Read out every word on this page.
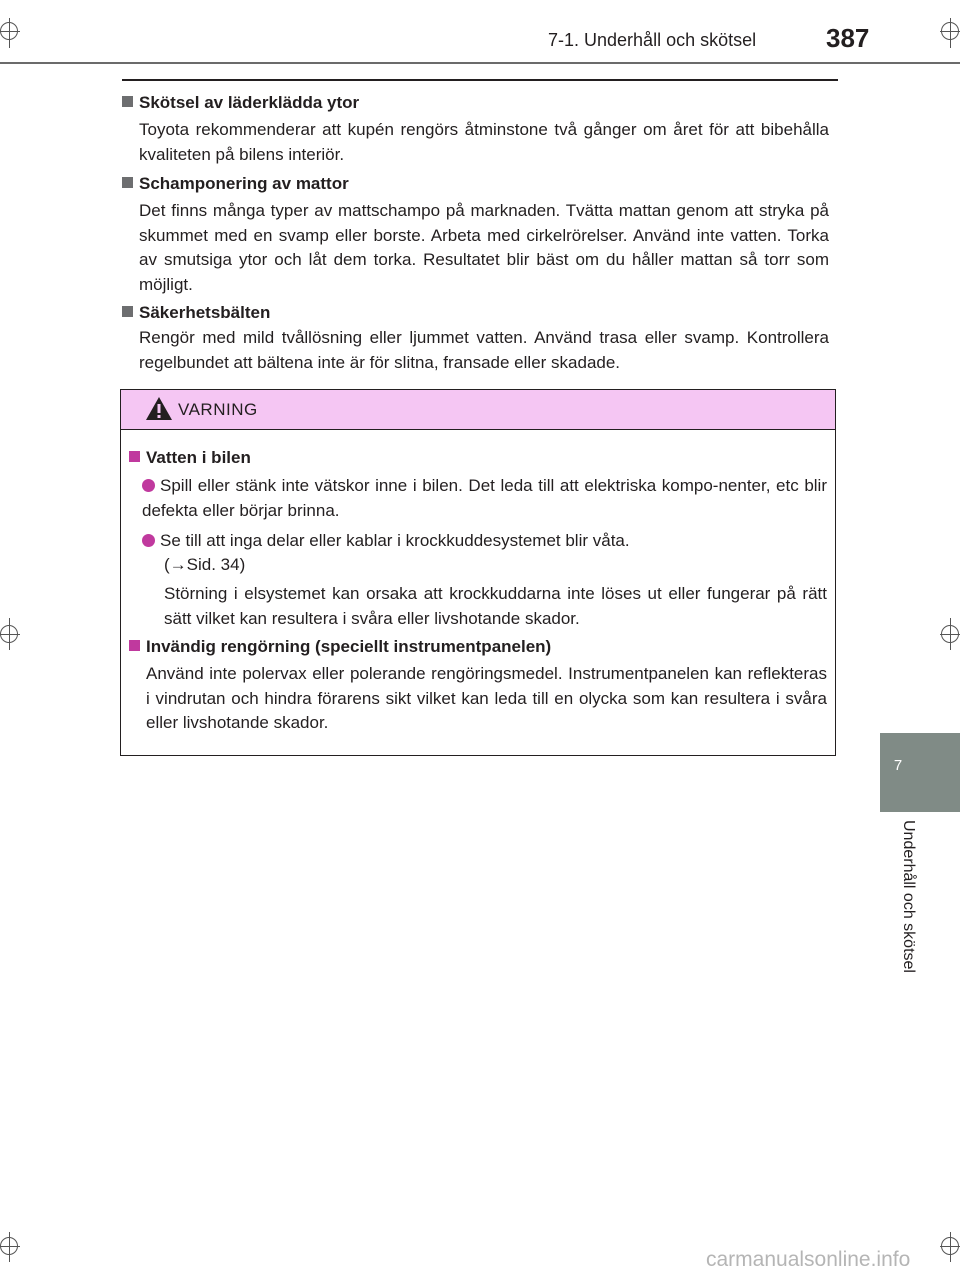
7-1. Underhåll och skötsel	387
Skötsel av läderklädda ytor
Toyota rekommenderar att kupén rengörs åtminstone två gånger om året för att bibehålla kvaliteten på bilens interiör.
Schamponering av mattor
Det finns många typer av mattschampo på marknaden. Tvätta mattan genom att stryka på skummet med en svamp eller borste. Arbeta med cirkelrörelser. Använd inte vatten. Torka av smutsiga ytor och låt dem torka. Resultatet blir bäst om du håller mattan så torr som möjligt.
Säkerhetsbälten
Rengör med mild tvållösning eller ljummet vatten. Använd trasa eller svamp. Kontrollera regelbundet att bältena inte är för slitna, fransade eller skadade.
VARNING
Vatten i bilen
Spill eller stänk inte vätskor inne i bilen. Det leda till att elektriska kompo-nenter, etc blir defekta eller börjar brinna.
Se till att inga delar eller kablar i krockkuddesystemet blir våta.
(→Sid. 34)
Störning i elsystemet kan orsaka att krockkuddarna inte löses ut eller fungerar på rätt sätt vilket kan resultera i svåra eller livshotande skador.
Invändig rengörning (speciellt instrumentpanelen)
Använd inte polervax eller polerande rengöringsmedel. Instrumentpanelen kan reflekteras i vindrutan och hindra förarens sikt vilket kan leda till en olycka som kan resultera i svåra eller livshotande skador.
7
Underhåll och skötsel
carmanualsonline.info
